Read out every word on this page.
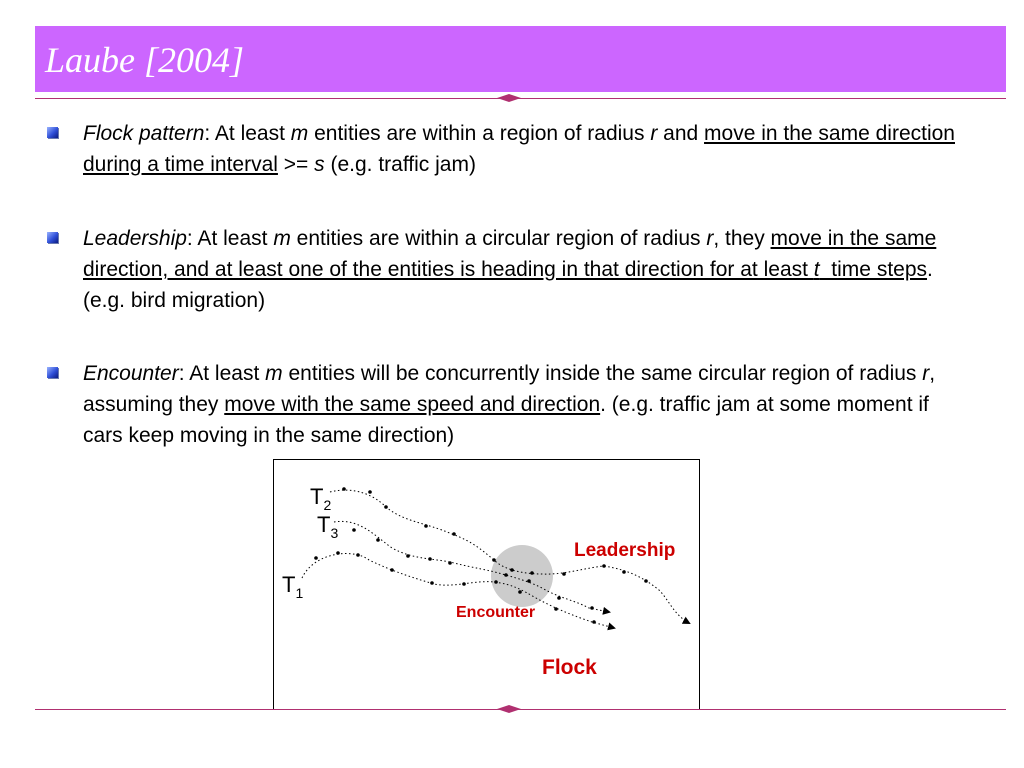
Laube [2004]
Flock pattern: At least m entities are within a region of radius r and move in the same direction during a time interval >= s (e.g. traffic jam)
Leadership: At least m entities are within a circular region of radius r, they move in the same direction, and at least one of the entities is heading in that direction for at least t  time steps. (e.g. bird migration)
Encounter: At least m entities will be concurrently inside the same circular region of radius r, assuming they move with the same speed and direction. (e.g. traffic jam at some moment if cars keep moving in the same direction)
$T_2$
$T_3$
$T_1$
Leadership
Encounter
Flock
